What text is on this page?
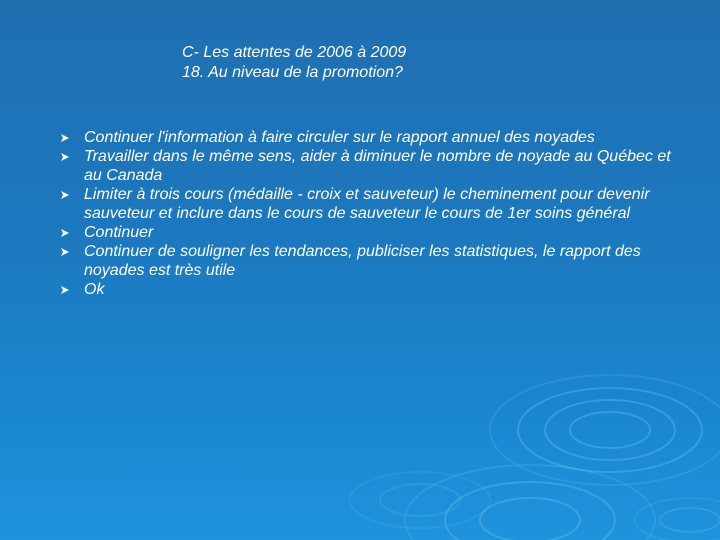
C- Les attentes de 2006 à 2009
18. Au niveau de la promotion?
Continuer l'information à faire circuler sur le rapport annuel des noyades
Travailler dans le même sens, aider à diminuer le nombre de noyade au Québec et au Canada
Limiter à trois cours (médaille - croix et sauveteur) le cheminement pour devenir sauveteur et inclure dans le cours de sauveteur le cours de 1er soins général
Continuer
Continuer de souligner les tendances, publiciser les statistiques, le rapport des noyades est très utile
Ok
